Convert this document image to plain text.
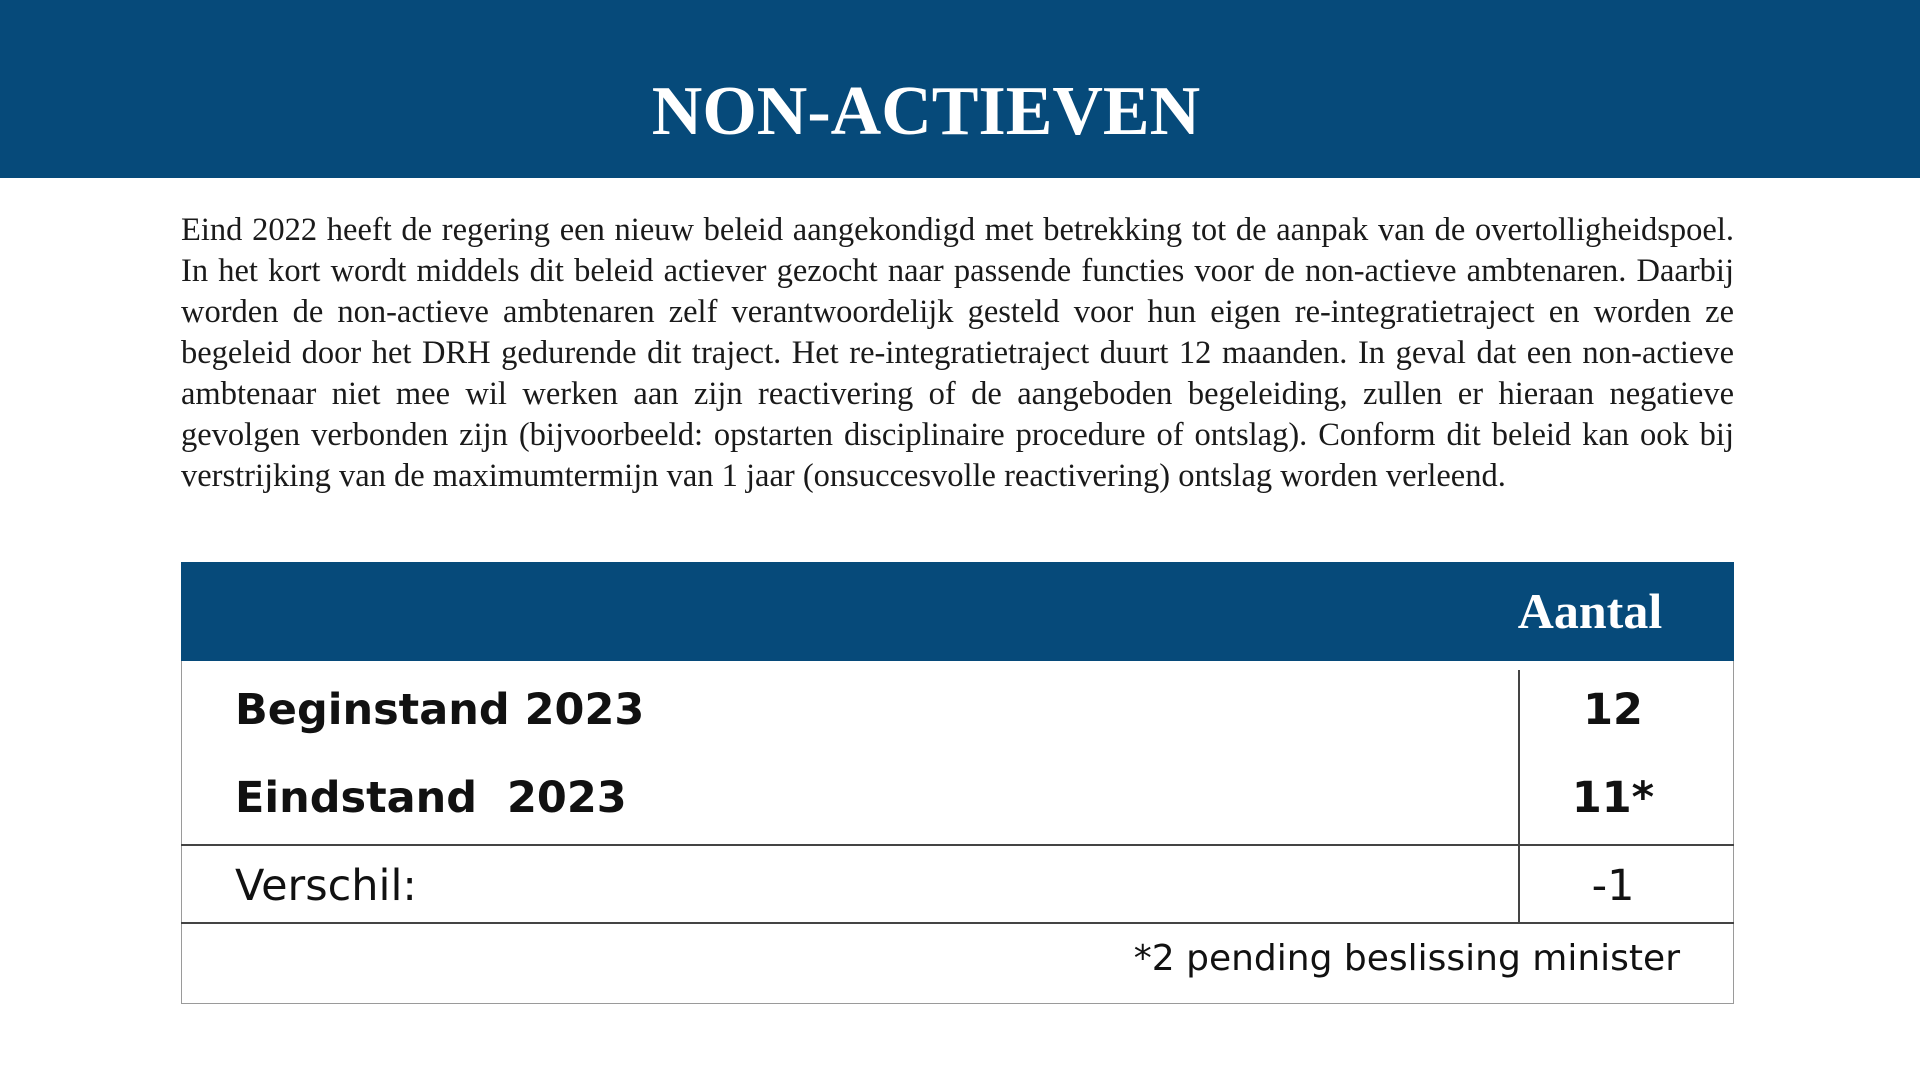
NON-ACTIEVEN

Eind 2022 heeft de regering een nieuw beleid aangekondigd met betrekking tot de aanpak van de overtolligheidspoel. In het kort wordt middels dit beleid actiever gezocht naar passende functies voor de non-actieve ambtenaren. Daarbij worden de non-actieve ambtenaren zelf verantwoordelijk gesteld voor hun eigen re-integratietraject en worden ze begeleid door het DRH gedurende dit traject. Het re-integratietraject duurt 12 maanden. In geval dat een non-actieve ambtenaar niet mee wil werken aan zijn reactivering of de aangeboden begeleiding, zullen er hieraan negatieve gevolgen verbonden zijn (bijvoorbeeld: opstarten disciplinaire procedure of ontslag). Conform dit beleid kan ook bij verstrijking van de maximumtermijn van 1 jaar (onsuccesvolle reactivering) ontslag worden verleend.

Aantal
Beginstand 2023	12
Eindstand  2023	11*
Verschil:	-1
*2 pending beslissing minister
